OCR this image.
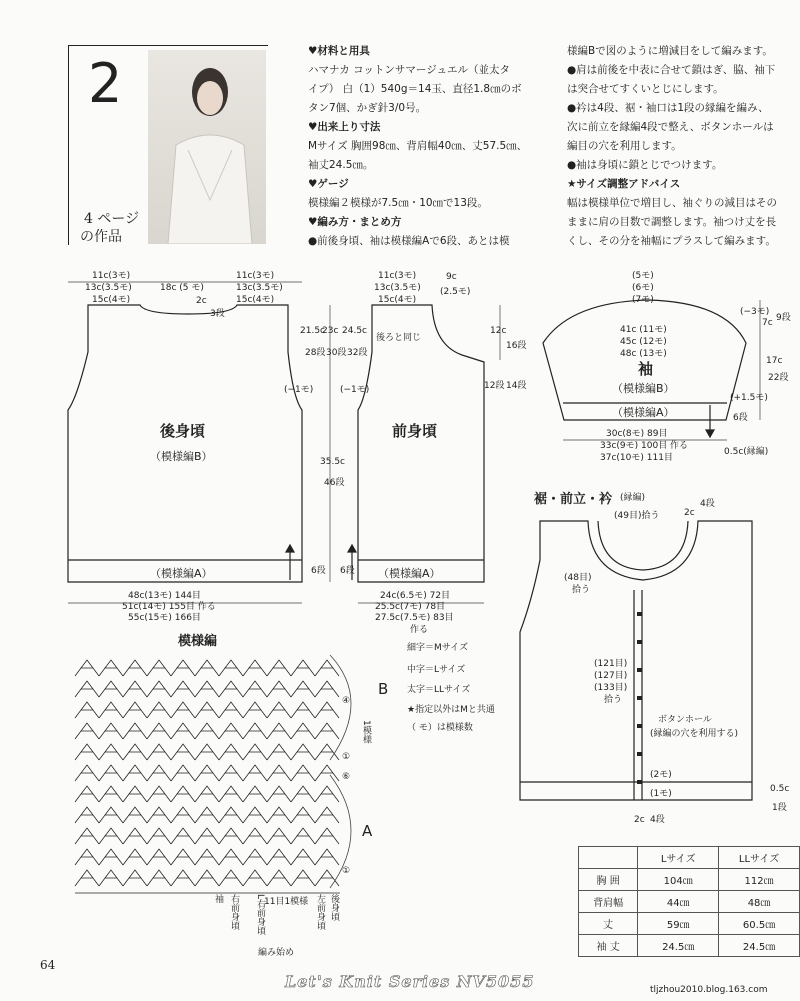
2
4 ページ
の作品
♥材料と用具
ハマナカ コットンサマージュエル（並太タ
イプ） 白（1）540g＝14玉、直径1.8㎝のボ
タン7個、かぎ針3/0号。
♥出来上り寸法
Mサイズ 胸囲98㎝、背肩幅40㎝、丈57.5㎝、
袖丈24.5㎝。
♥ゲージ
模様編２模様が7.5㎝・10㎝で13段。
♥編み方・まとめ方
●前後身頃、袖は模様編Aで6段、あとは模
様編Bで図のように増減目をして編みます。
●肩は前後を中表に合せて鎖はぎ、脇、袖下
は突合せてすくいとじにします。
●衿は4段、裾・袖口は1段の縁編を編み、
次に前立を縁編4段で整え、ボタンホールは
編目の穴を利用します。
●袖は身頃に鎖とじでつけます。
★サイズ調整アドバイス
幅は模様単位で増目し、袖ぐりの減目はその
ままに肩の目数で調整します。袖つけ丈を長
くし、その分を袖幅にプラスして編みます。
後身頃
（模様編B）
（模様編A）
11c(3モ)
13c(3.5モ)
15c(4モ)
18c (5 モ)
11c(3モ)
13c(3.5モ)
15c(4モ)
2c
3段
(−1モ)
48c(13モ) 144目
51c(14モ) 155目 作る
55c(15モ) 166目
6段
前身頃
（模様編A）
11c(3モ)
13c(3.5モ)
15c(4モ)
9c
(2.5モ)
21.5c
23c 24.5c
28段 30段 32段
後ろと同じ
12c
16段
12段 14段
(−1モ)
35.5c
46段
6段
24c(6.5モ) 72目
25.5c(7モ) 78目
27.5c(7.5モ) 83目
作る
(5モ)
(6モ)
(7モ)
41c (11モ)
45c (12モ)
48c (13モ)
袖
（模様編B）
（模様編A）
(−3モ)
7c 9段
17c
22段
(+1.5モ)
6段
30c(8モ) 89目
33c(9モ) 100目 作る
37c(10モ) 111目
0.5c(縁編)
裾・前立・衿 (縁編)
(49目)拾う	2c
4段
(48目)
拾う
(121目)
(127目)
(133目)
拾う
ボタンホール
(縁編の穴を利用する)
(2モ)
(1モ)
2c 4段
0.5c
1段
模様編	細字＝Mサイズ
中字＝Lサイズ
太字＝LLサイズ
★指定以外はMと共通
（ モ）は模様数
B
A
1模様
④
①
⑥
①
袖 右前身頃 L右前身頃 11目1模様 左前身頃 後身頃
編み始め
	Lサイズ	LLサイズ
胸 囲	104㎝	112㎝
背肩幅	44㎝	48㎝
丈	59㎝	60.5㎝
袖 丈	24.5㎝	24.5㎝
64
Let's Knit Series NV5055	tljzhou2010.blog.163.com
